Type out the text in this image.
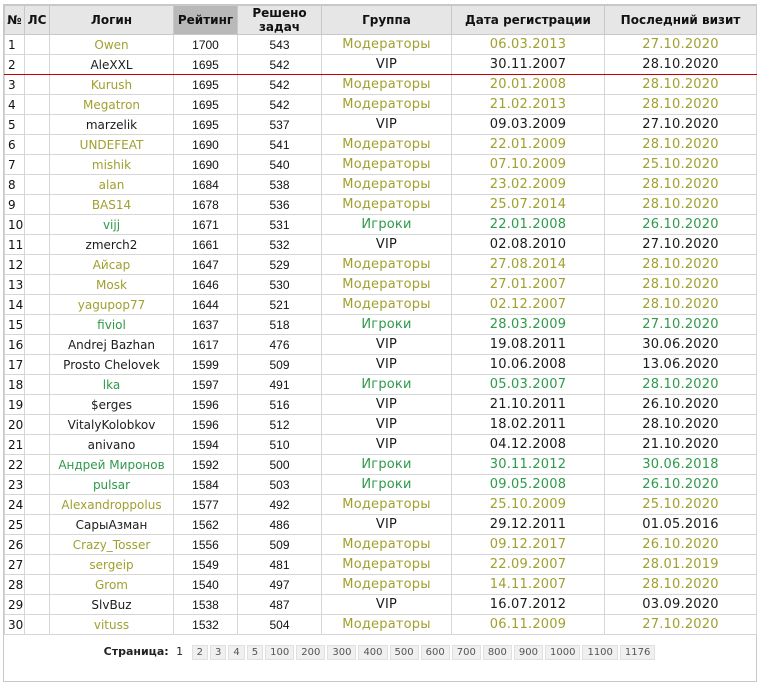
№	ЛС	Логин	Рейтинг	Решено задач	Группа	Дата регистрации	Последний визит
1		Owen	1700	543	Модераторы	06.03.2013	27.10.2020
2		AleXXL	1695	542	VIP	30.11.2007	28.10.2020
3		Kurush	1695	542	Модераторы	20.01.2008	28.10.2020
4		Megatron	1695	542	Модераторы	21.02.2013	28.10.2020
5		marzelik	1695	537	VIP	09.03.2009	27.10.2020
6		UNDEFEAT	1690	541	Модераторы	22.01.2009	28.10.2020
7		mishik	1690	540	Модераторы	07.10.2009	25.10.2020
8		alan	1684	538	Модераторы	23.02.2009	28.10.2020
9		BAS14	1678	536	Модераторы	25.07.2014	28.10.2020
10		vijj	1671	531	Игроки	22.01.2008	26.10.2020
11		zmerch2	1661	532	VIP	02.08.2010	27.10.2020
12		Айсар	1647	529	Модераторы	27.08.2014	28.10.2020
13		Mosk	1646	530	Модераторы	27.01.2007	28.10.2020
14		yagupop77	1644	521	Модераторы	02.12.2007	28.10.2020
15		fiviol	1637	518	Игроки	28.03.2009	27.10.2020
16		Andrej Bazhan	1617	476	VIP	19.08.2011	30.06.2020
17		Prosto Chelovek	1599	509	VIP	10.06.2008	13.06.2020
18		lka	1597	491	Игроки	05.03.2007	28.10.2020
19		$erges	1596	516	VIP	21.10.2011	26.10.2020
20		VitalyKolobkov	1596	512	VIP	18.02.2011	28.10.2020
21		anivano	1594	510	VIP	04.12.2008	21.10.2020
22		Андрей Миронов	1592	500	Игроки	30.11.2012	30.06.2018
23		pulsar	1584	503	Игроки	09.05.2008	26.10.2020
24		Alexandroppolus	1577	492	Модераторы	25.10.2009	25.10.2020
25		СарыАзман	1562	486	VIP	29.12.2011	01.05.2016
26		Crazy_Tosser	1556	509	Модераторы	09.12.2017	26.10.2020
27		sergeip	1549	481	Модераторы	22.09.2007	28.01.2019
28		Grom	1540	497	Модераторы	14.11.2007	28.10.2020
29		SlvBuz	1538	487	VIP	16.07.2012	03.09.2020
30		vituss	1532	504	Модераторы	06.11.2009	27.10.2020
Страница: 1 2 3 4 5 100 200 300 400 500 600 700 800 900 1000 1100 1176
